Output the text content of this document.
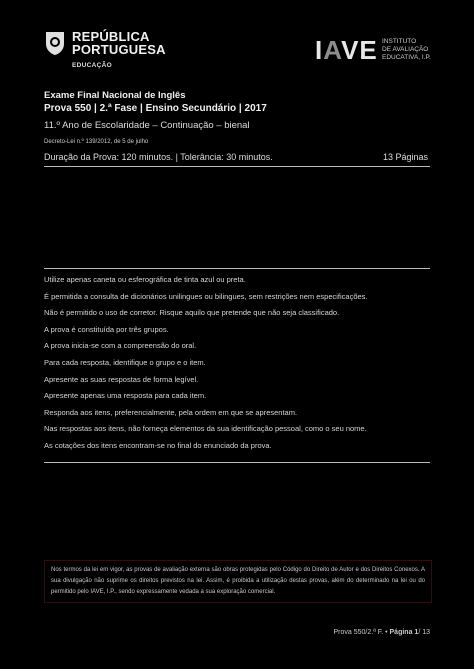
REPÚBLICA
PORTUGUESA
EDUCAÇÃO
IAVE INSTITUTO
DE AVALIAÇÃO
EDUCATIVA, I.P.
Exame Final Nacional de Inglês
Prova 550 | 2.ª Fase | Ensino Secundário | 2017
11.º Ano de Escolaridade – Continuação – bienal
Decreto-Lei n.º 139/2012, de 5 de julho
Duração da Prova: 120 minutos. | Tolerância: 30 minutos.	13 Páginas
Utilize apenas caneta ou esferográfica de tinta azul ou preta.
É permitida a consulta de dicionários unilingues ou bilingues, sem restrições nem especificações.
Não é permitido o uso de corretor. Risque aquilo que pretende que não seja classificado.
A prova é constituída por três grupos.
A prova inicia-se com a compreensão do oral.
Para cada resposta, identifique o grupo e o item.
Apresente as suas respostas de forma legível.
Apresente apenas uma resposta para cada item.
Responda aos itens, preferencialmente, pela ordem em que se apresentam.
Nas respostas aos itens, não forneça elementos da sua identificação pessoal, como o seu nome.
As cotações dos itens encontram-se no final do enunciado da prova.
Nos termos da lei em vigor, as provas de avaliação externa são obras protegidas pelo Código do Direito de Autor e dos Direitos Conexos. A sua divulgação não suprime os direitos previstos na lei. Assim, é proibida a utilização destas provas, além do determinado na lei ou do permitido pelo IAVE, I.P., sendo expressamente vedada a sua exploração comercial.
Prova 550/2.ª F. • Página 1/ 13
